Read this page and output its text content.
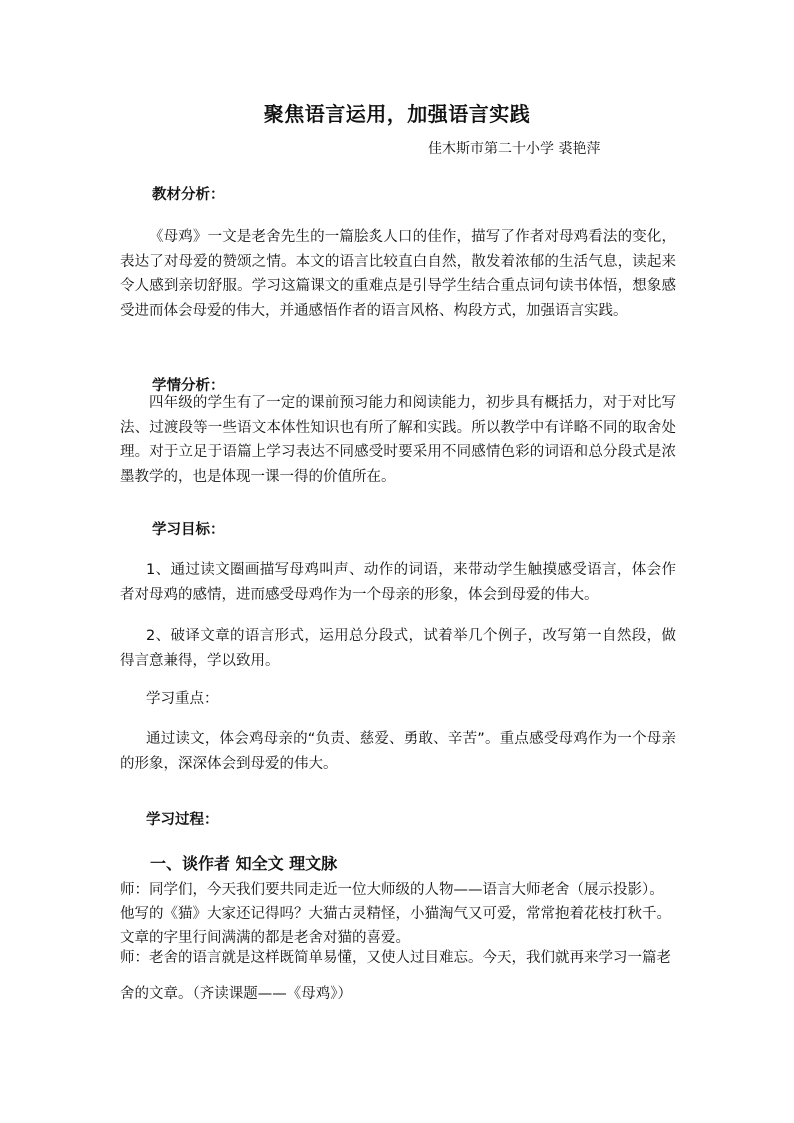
聚焦语言运用，加强语言实践

佳木斯市第二十小学 裘艳萍

教材分析：

《母鸡》一文是老舍先生的一篇脍炙人口的佳作，描写了作者对母鸡看法的变化，表达了对母爱的赞颂之情。本文的语言比较直白自然，散发着浓郁的生活气息，读起来令人感到亲切舒服。学习这篇课文的重难点是引导学生结合重点词句读书体悟，想象感受进而体会母爱的伟大，并通感悟作者的语言风格、构段方式，加强语言实践。

学情分析：

四年级的学生有了一定的课前预习能力和阅读能力，初步具有概括力，对于对比写法、过渡段等一些语文本体性知识也有所了解和实践。所以教学中有详略不同的取舍处理。对于立足于语篇上学习表达不同感受时要采用不同感情色彩的词语和总分段式是浓墨教学的，也是体现一课一得的价值所在。

学习目标：

1、通过读文圈画描写母鸡叫声、动作的词语，来带动学生触摸感受语言，体会作者对母鸡的感情，进而感受母鸡作为一个母亲的形象，体会到母爱的伟大。

2、破译文章的语言形式，运用总分段式，试着举几个例子，改写第一自然段，做得言意兼得，学以致用。

学习重点：

通过读文，体会鸡母亲的“负责、慈爱、勇敢、辛苦”。重点感受母鸡作为一个母亲的形象，深深体会到母爱的伟大。

学习过程：

一、谈作者 知全文 理文脉

师：同学们，今天我们要共同走近一位大师级的人物——语言大师老舍（展示投影）。他写的《猫》大家还记得吗？大猫古灵精怪，小猫淘气又可爱，常常抱着花枝打秋千。文章的字里行间满满的都是老舍对猫的喜爱。

师：老舍的语言就是这样既简单易懂，又使人过目难忘。今天，我们就再来学习一篇老舍的文章。（齐读课题——《母鸡》）
